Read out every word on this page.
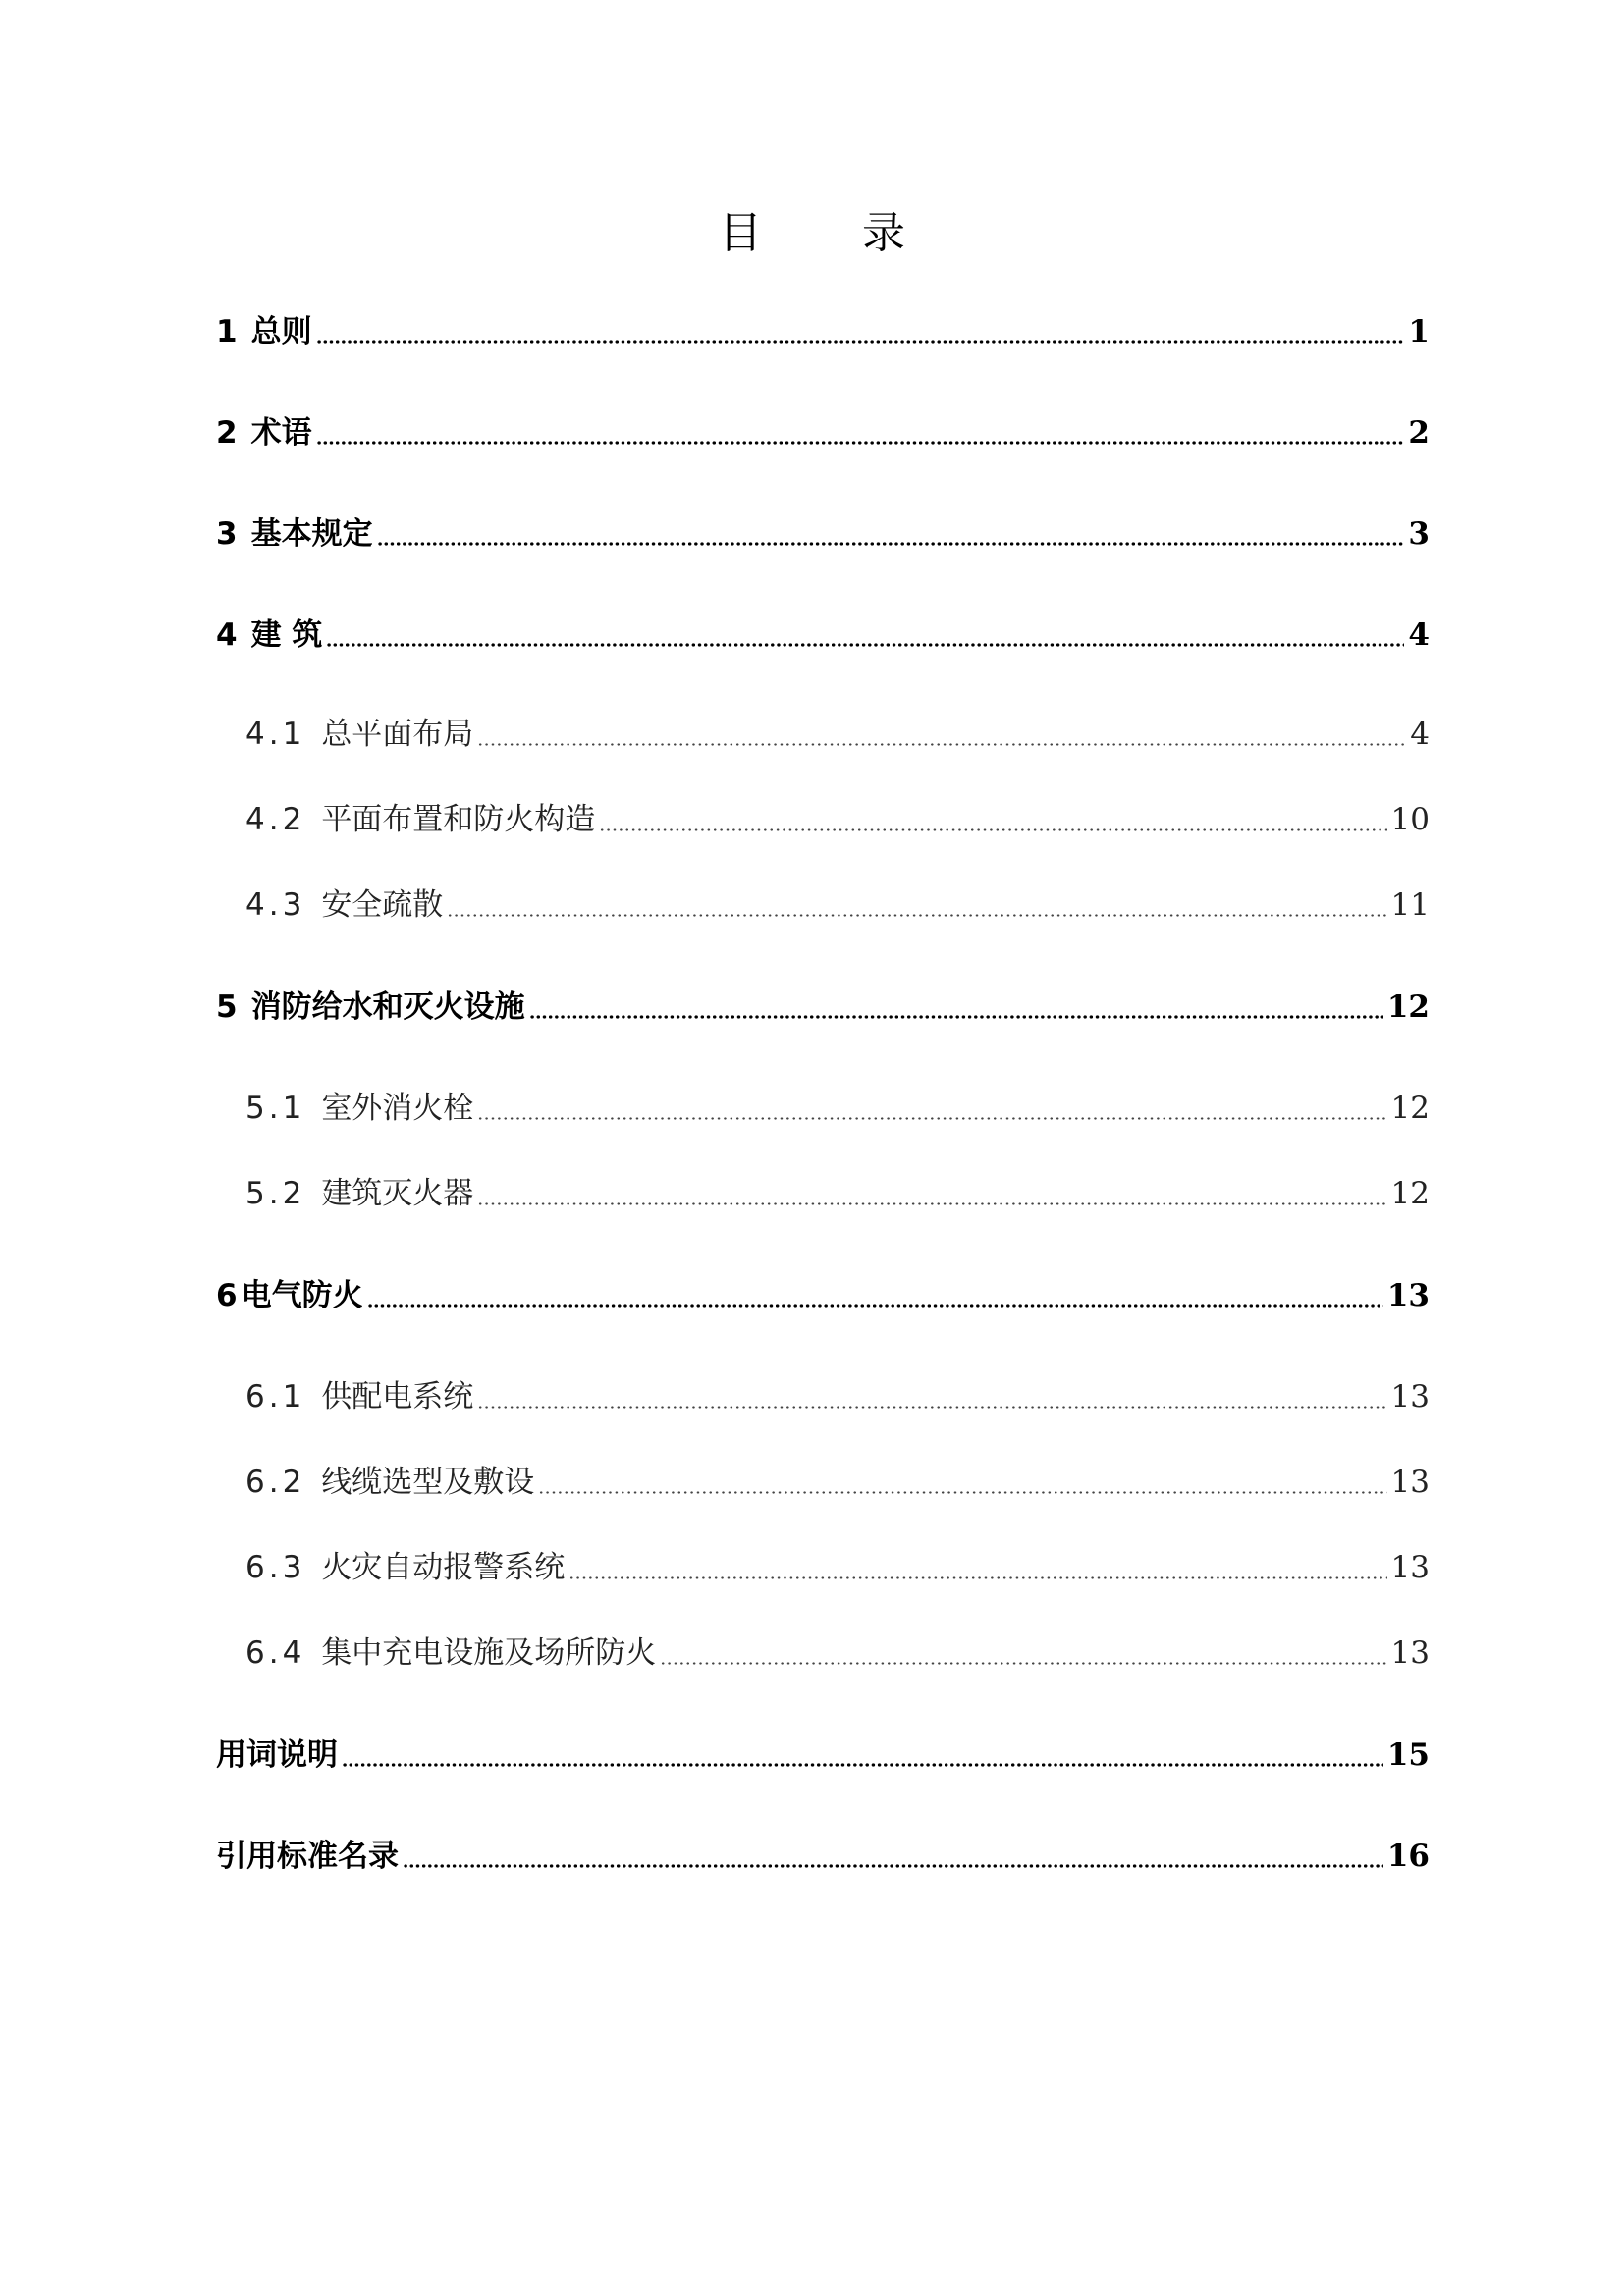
目 录
1 总则	1
2 术语	2
3 基本规定	3
4 建 筑	4
4.1 总平面布局	4
4.2 平面布置和防火构造	10
4.3 安全疏散	11
5 消防给水和灭火设施	12
5.1 室外消火栓	12
5.2 建筑灭火器	12
6 电气防火	13
6.1 供配电系统	13
6.2 线缆选型及敷设	13
6.3 火灾自动报警系统	13
6.4 集中充电设施及场所防火	13
用词说明	15
引用标准名录	16
